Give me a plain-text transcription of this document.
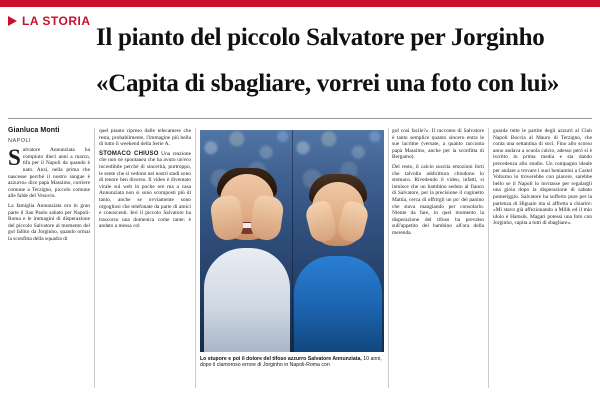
LA STORIA
Il pianto del piccolo Salvatore per Jorginho
«Capita di sbagliare, vorrei una foto con lui»

Gianluca Monti

NAPOLI

Salvatore Annunziata ha compiuto dieci anni a marzo, tifa per il Napoli da quando è nato. Anzi, nella prima che nascesse perché il nostro sangue è azzurro» dice papà Massimo, corriere comune a Terzigno, piccolo comune alle falde del Vesuvio.

La famiglia Annunziata era in gran parte il San Paolo sabato per Napoli-Roma e le immagini di disperazione del piccolo Salvatore al momento del gol fallito da Jorginho, quando ormai la sconfitta della squadra di

quel pianto ripreso dalle telecamere che resta, probabilmente, l'immagine più bella di tutto il weekend della Serie A.

STOMACO CHIUSO Una reazione che non ne spontanea che ha avuto un'eco incredibile perché di sincerità, purtroppo, le sente che si vedono nei nostri stadi sono di tenore ben diverso. Il video è diventato virale sul web in poche ore ma a casa Annunziata non si sono scomposti più di tanto, anche se ovviamente sono orgogliosi che telefonate da parte di amici e conoscenti. Ieri il piccolo Salvatore ha trascorso una domenica come tante: è andato a messa col

Lo stupore e poi il dolore del tifoso azzurro Salvatore Annunziata, 10 anni, dopo il clamoroso errore di Jorginho in Napoli-Roma con

gol così facile?». Il racconto di Salvatore è tanto semplice quanto sincero entra le sue lacrime (versate, a quanto racconta papà Massimo, anche per la sconfitta di Bergamo).

Del resto, il calcio suscita emozioni forti che talvolta addirittura chiudono lo stomaco. Rivedendo il video, infatti, si intuisce che un bambino seduto al fianco di Salvatore, per la precisione il cuginetto Mattia, cerca di offrirgli un po' del panino che stava mangiando per consolarlo. Niente da fare, in quel momento la disperazione del tifoso ha prevalso sull'appetito del bambino all'ora della merenda.

guarda tutte le partite degli azzurri al Club Napoli Boccia al Mauro di Terzigno, che conta una settantina di soci. Fino allo scorso anno andava a scuola calcio, adesso però si è iscritto in prima media e sta dando precedenza allo studio. Un compagno ideale per andare a trovare i suoi beniamini a Castel Volturno lo troverebbe con piacere, sarebbe bello se il Napoli lo invitasse per regalargli una gioia dopo la disperazione di sabato pomeriggio. Salvatore ha sofferto pure per la partenza di Higuain ma si affretta a chiarire: «Mi stavo già affezionando a Milik ed il mio idolo è Hamsik. Magari potessi una foto con Jorginho, capita a tutti di sbagliare».
